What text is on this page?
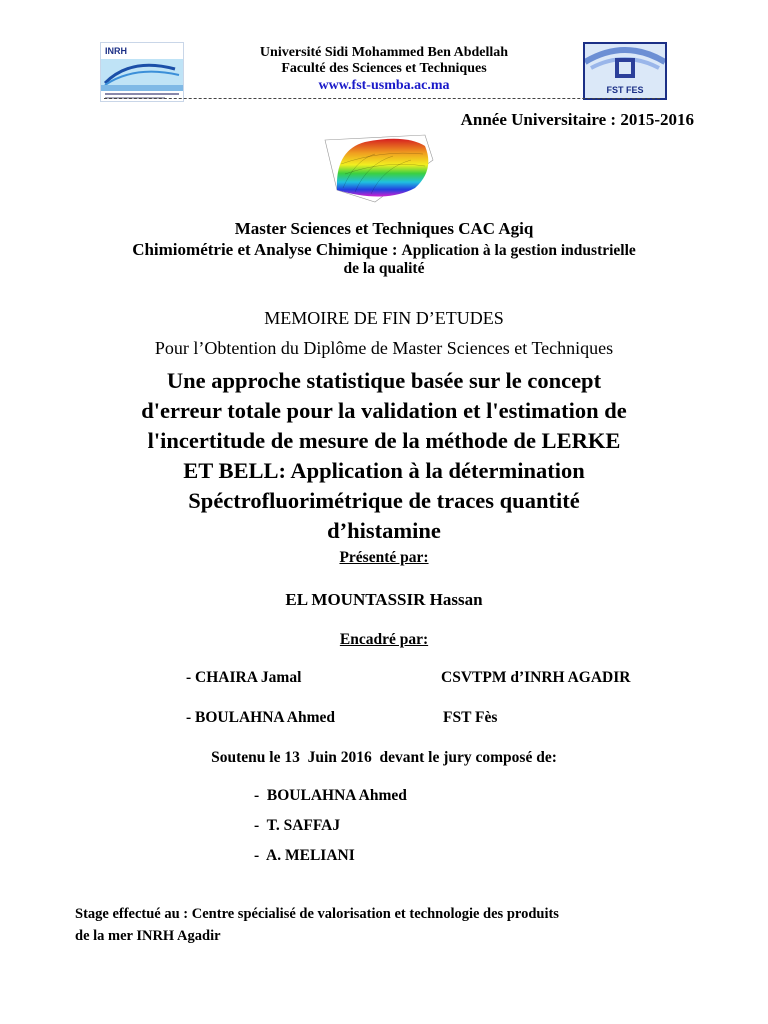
INRH
FST FES
Université Sidi Mohammed Ben Abdellah
Faculté des Sciences et Techniques
www.fst-usmba.ac.ma
Année Universitaire : 2015-2016
Master Sciences et Techniques CAC Agiq
Chimiométrie et Analyse Chimique : Application à la gestion industrielle
de la qualité
MEMOIRE DE FIN D’ETUDES
Pour l’Obtention du Diplôme de Master Sciences et Techniques
Une approche statistique basée sur le concept
d'erreur totale pour la validation et l'estimation de
l'incertitude de mesure de la méthode de LERKE
ET BELL: Application à la détermination
Spéctrofluorimétrique de traces quantité
d’histamine
Présenté par:
EL MOUNTASSIR Hassan
Encadré par:
- CHAIRA Jamal	CSVTPM d’INRH AGADIR
- BOULAHNA Ahmed	FST Fès
Soutenu le 13  Juin 2016  devant le jury composé de:
-  BOULAHNA Ahmed
-  T. SAFFAJ
-  A. MELIANI
Stage effectué au : Centre spécialisé de valorisation et technologie des produits
de la mer INRH Agadir
